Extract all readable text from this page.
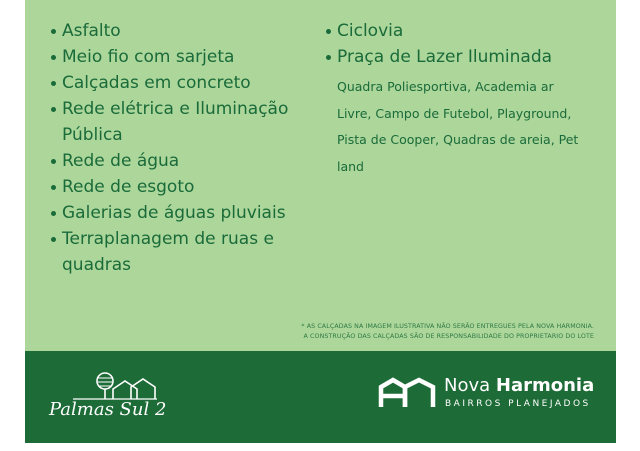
Asfalto
Meio fio com sarjeta
Calçadas em concreto
Rede elétrica e Iluminação Pública
Rede de água
Rede de esgoto
Galerias de águas pluviais
Terraplanagem de ruas e quadras
Ciclovia
Praça de Lazer Iluminada
Quadra Poliesportiva, Academia ar Livre, Campo de Futebol, Playground, Pista de Cooper, Quadras de areia, Pet land
* AS CALÇADAS NA IMAGEM ILUSTRATIVA NÃO SERÃO ENTREGUES PELA NOVA HARMONIA.
A CONSTRUÇÃO DAS CALÇADAS SÃO DE RESPONSABILIDADE DO PROPRIETARIO DO LOTE
Palmas Sul 2
Nova Harmonia
BAIRROS PLANEJADOS
